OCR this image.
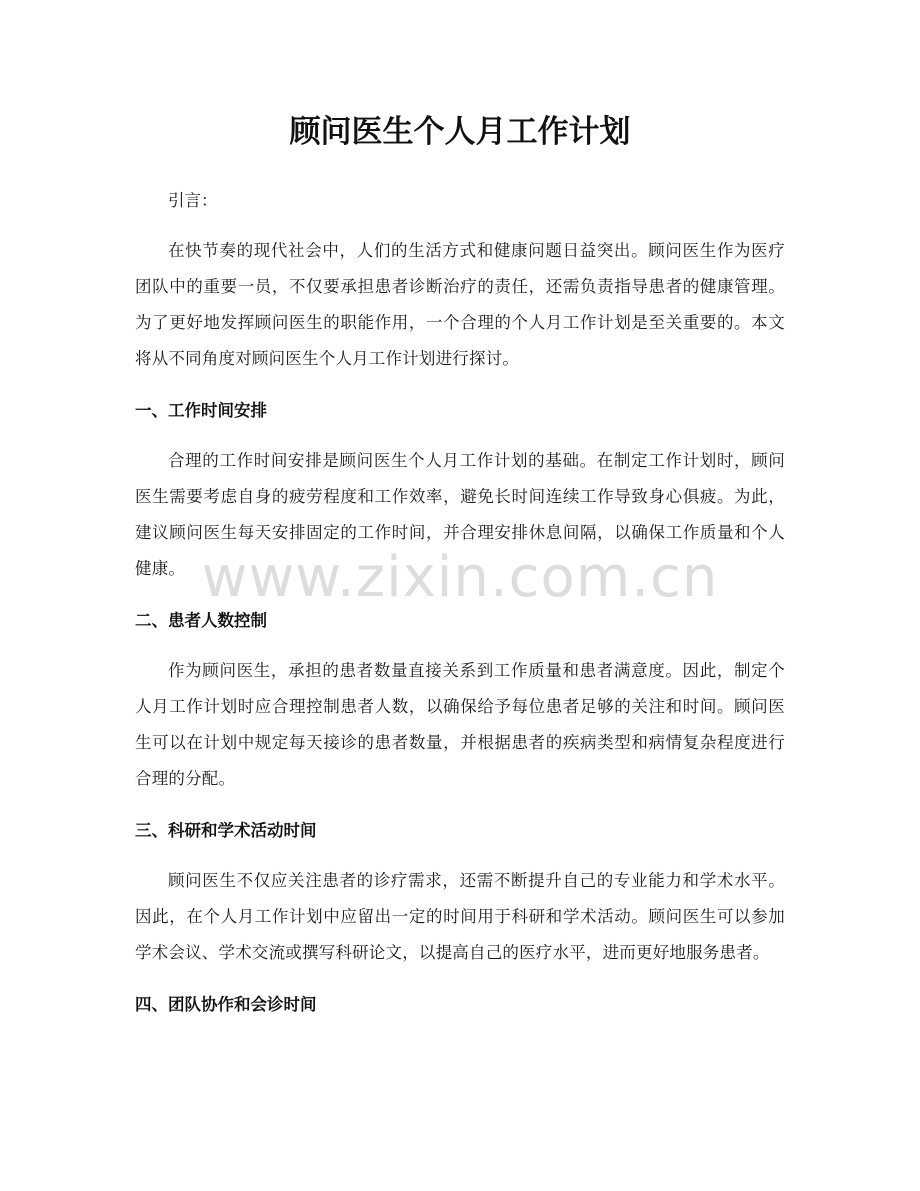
顾问医生个人月工作计划

引言：

在快节奏的现代社会中，人们的生活方式和健康问题日益突出。顾问医生作为医疗团队中的重要一员，不仅要承担患者诊断治疗的责任，还需负责指导患者的健康管理。为了更好地发挥顾问医生的职能作用，一个合理的个人月工作计划是至关重要的。本文将从不同角度对顾问医生个人月工作计划进行探讨。

一、工作时间安排

合理的工作时间安排是顾问医生个人月工作计划的基础。在制定工作计划时，顾问医生需要考虑自身的疲劳程度和工作效率，避免长时间连续工作导致身心俱疲。为此，建议顾问医生每天安排固定的工作时间，并合理安排休息间隔，以确保工作质量和个人健康。

二、患者人数控制

作为顾问医生，承担的患者数量直接关系到工作质量和患者满意度。因此，制定个人月工作计划时应合理控制患者人数，以确保给予每位患者足够的关注和时间。顾问医生可以在计划中规定每天接诊的患者数量，并根据患者的疾病类型和病情复杂程度进行合理的分配。

三、科研和学术活动时间

顾问医生不仅应关注患者的诊疗需求，还需不断提升自己的专业能力和学术水平。因此，在个人月工作计划中应留出一定的时间用于科研和学术活动。顾问医生可以参加学术会议、学术交流或撰写科研论文，以提高自己的医疗水平，进而更好地服务患者。

四、团队协作和会诊时间
www.zixin.com.cn
